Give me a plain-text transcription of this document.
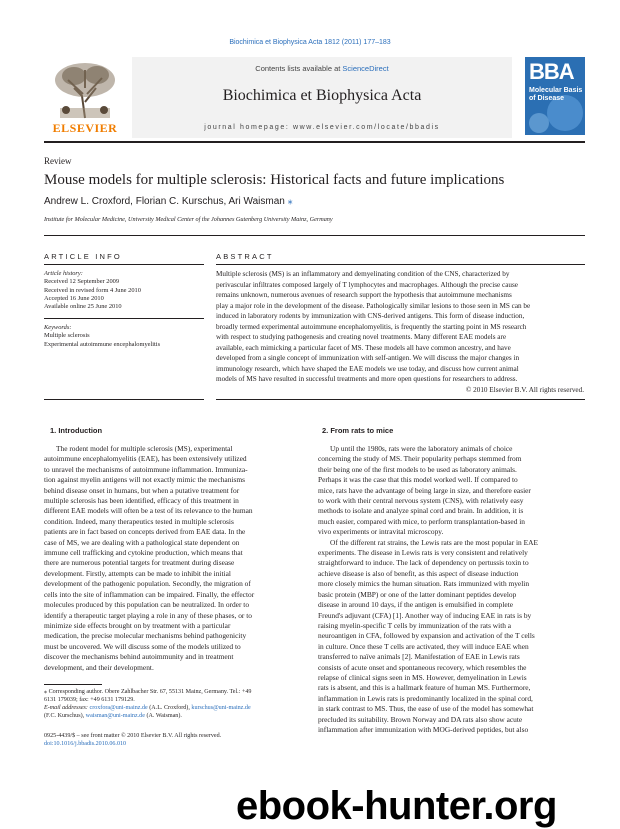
Biochimica et Biophysica Acta 1812 (2011) 177–183
ELSEVIER
Contents lists available at ScienceDirect
Biochimica et Biophysica Acta
journal homepage: www.elsevier.com/locate/bbadis
BBA
Molecular Basis of Disease
Review
Mouse models for multiple sclerosis: Historical facts and future implications
Andrew L. Croxford, Florian C. Kurschus, Ari Waisman ⁎
Institute for Molecular Medicine, University Medical Center of the Johannes Gutenberg University Mainz, Germany
ARTICLE INFO
Article history:
Received 12 September 2009
Received in revised form 4 June 2010
Accepted 16 June 2010
Available online 25 June 2010
Keywords:
Multiple sclerosis
Experimental autoimmune encephalomyelitis
ABSTRACT
Multiple sclerosis (MS) is an inflammatory and demyelinating condition of the CNS, characterized by
perivascular infiltrates composed largely of T lymphocytes and macrophages. Although the precise cause
remains unknown, numerous avenues of research support the hypothesis that autoimmune mechanisms
play a major role in the development of the disease. Pathologically similar lesions to those seen in MS can be
induced in laboratory rodents by immunization with CNS-derived antigens. This form of disease induction,
broadly termed experimental autoimmune encephalomyelitis, is frequently the starting point in MS research
with respect to studying pathogenesis and creating novel treatments. Many different EAE models are
available, each mimicking a particular facet of MS. These models all have common ancestry, and have
developed from a single concept of immunization with self-antigen. We will discuss the major changes in
immunology research, which have shaped the EAE models we use today, and discuss how current animal
models of MS have resulted in successful treatments and more open questions for researchers to address.
© 2010 Elsevier B.V. All rights reserved.
1. Introduction
The rodent model for multiple sclerosis (MS), experimental
autoimmune encephalomyelitis (EAE), has been extensively utilized
to unravel the mechanisms of autoimmune inflammation. Immuniza-
tion against myelin antigens will not exactly mimic the mechanisms
behind disease onset in humans, but when a putative treatment for
multiple sclerosis has been identified, efficacy of this treatment in
different EAE models will often be a test of its relevance to the human
condition. Indeed, many therapeutics tested in multiple sclerosis
patients are in fact based on concepts derived from EAE data. In the
case of MS, we are dealing with a pathological state dependent on
immune cell trafficking and cytokine production, which means that
there are numerous potential targets for treatment during disease
development. Firstly, attempts can be made to inhibit the initial
development of the pathogenic population. Secondly, the migration of
cells into the site of inflammation can be impaired. Finally, the effector
molecules produced by this population can be neutralized. In order to
identify a therapeutic target playing a role in any of these phases, or to
minimize side effects brought on by treatment with a particular
medication, the precise molecular mechanisms behind pathogenicity
must be uncovered. We will discuss some of the models utilized to
discover the mechanisms behind autoimmunity and in treatment
development, and their development.
2. From rats to mice
Up until the 1980s, rats were the laboratory animals of choice
concerning the study of MS. Their popularity perhaps stemmed from
their being one of the first models to be used as laboratory animals.
Perhaps it was the case that this model worked well. If compared to
mice, rats have the advantage of being large in size, and therefore easier
to work with their central nervous system (CNS), with relatively easy
methods to isolate and analyze spinal cord and brain. In addition, it is
much easier, compared with mice, to perform transplantation-based in
vivo experiments or intravital microscopy.
Of the different rat strains, the Lewis rats are the most popular in EAE
experiments. The disease in Lewis rats is very consistent and relatively
straightforward to induce. The lack of dependency on pertussis toxin to
achieve disease is also of benefit, as this aspect of disease induction
more closely mimics the human situation. Rats immunized with myelin
basic protein (MBP) or one of the latter dominant peptides develop
disease in around 10 days, if the antigen is emulsified in complete
Freund's adjuvant (CFA) [1]. Another way of inducing EAE in rats is by
raising myelin-specific T cells by immunization of the rats with a
neuroantigen in CFA, followed by expansion and activation of the T cells
in culture. Once these T cells are activated, they will induce EAE when
transferred to naïve animals [2]. Manifestation of EAE in Lewis rats
consists of acute onset and spontaneous recovery, which resembles the
relapse of clinical signs seen in MS. However, demyelination in Lewis
rats is absent, and this is a hallmark feature of human MS. Furthermore,
inflammation in Lewis rats is predominantly localized in the spinal cord,
in stark contrast to MS. Thus, the ease of use of the model has somewhat
precluded its suitability. Brown Norway and DA rats also show acute
inflammation after immunization with MOG-derived peptides, but also
⁎ Corresponding author. Obere Zahlbacher Str. 67, 55131 Mainz, Germany. Tel.: +49
6131 179039; fax: +49 6131 179129.
E-mail addresses: croxfora@uni-mainz.de (A.L. Croxford), kurschus@uni-mainz.de
(F.C. Kurschus), waisman@uni-mainz.de (A. Waisman).
0925-4439/$ – see front matter © 2010 Elsevier B.V. All rights reserved.
doi:10.1016/j.bbadis.2010.06.010
ebook-hunter.org
